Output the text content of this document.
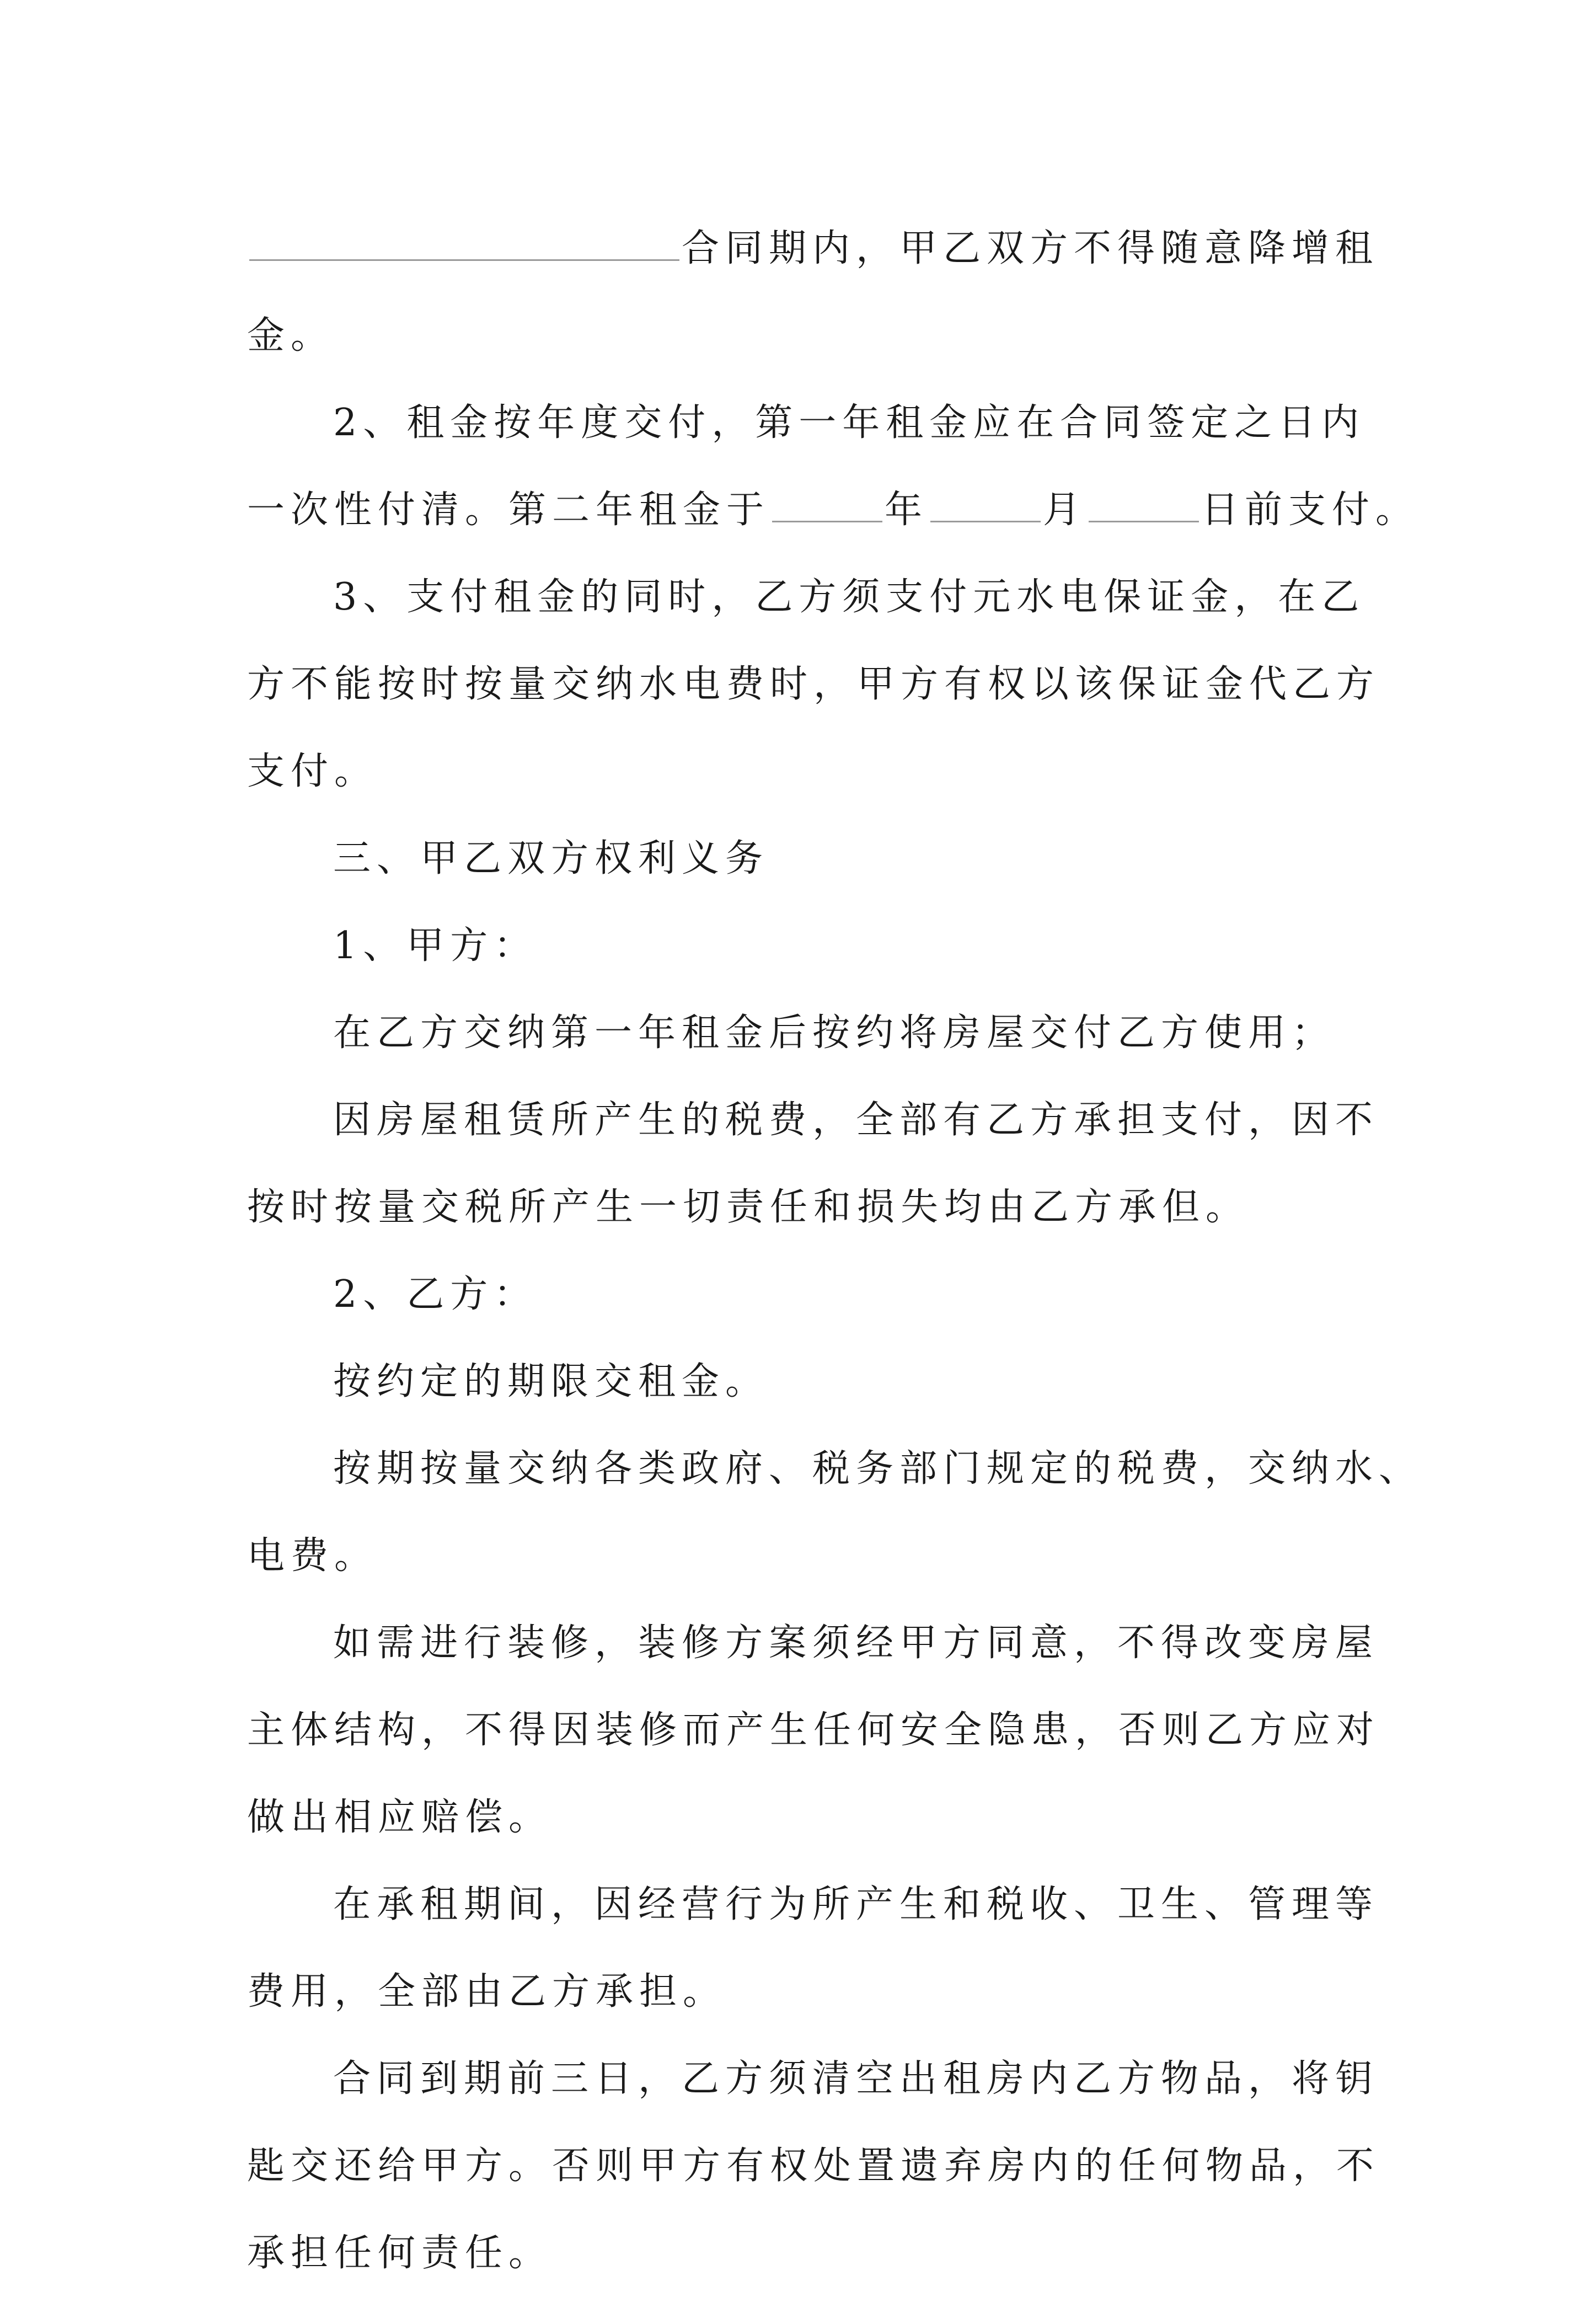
合同期内，甲乙双方不得随意降增租

金。

2、租金按年度交付，第一年租金应在合同签定之日内

一次性付清。第二年租金于	年	月	日前支付。

3、支付租金的同时，乙方须支付元水电保证金，在乙

方不能按时按量交纳水电费时，甲方有权以该保证金代乙方

支付。

三、甲乙双方权利义务

1、甲方：

在乙方交纳第一年租金后按约将房屋交付乙方使用；

因房屋租赁所产生的税费，全部有乙方承担支付，因不

按时按量交税所产生一切责任和损失均由乙方承但。

2、乙方：

按约定的期限交租金。

按期按量交纳各类政府、税务部门规定的税费，交纳水、

电费。

如需进行装修，装修方案须经甲方同意，不得改变房屋

主体结构，不得因装修而产生任何安全隐患，否则乙方应对

做出相应赔偿。

在承租期间，因经营行为所产生和税收、卫生、管理等

费用，全部由乙方承担。

合同到期前三日，乙方须清空出租房内乙方物品，将钥

匙交还给甲方。否则甲方有权处置遗弃房内的任何物品，不

承担任何责任。
